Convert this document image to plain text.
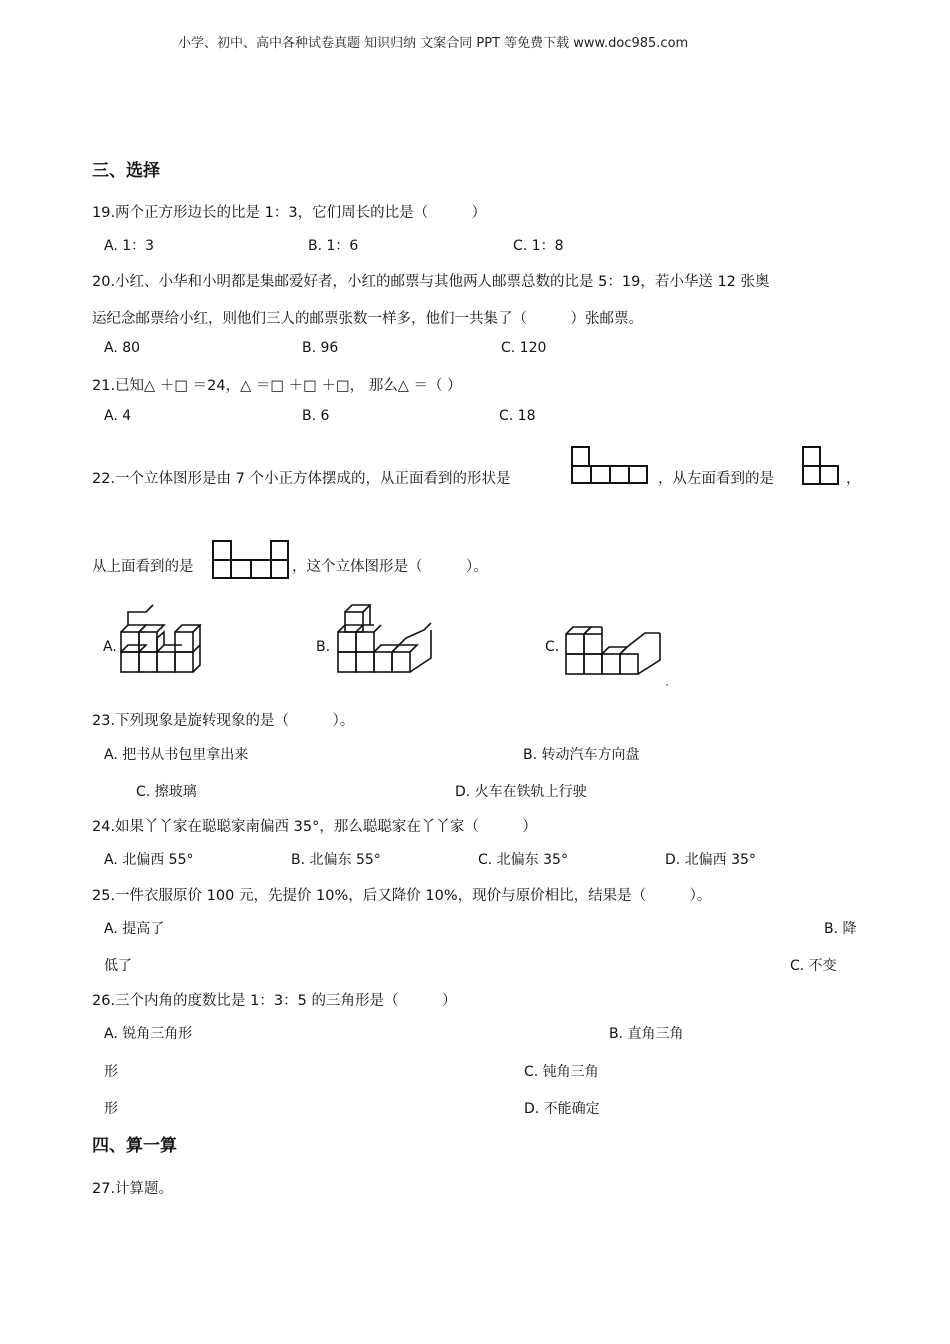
小学、初中、高中各种试卷真题 知识归纳 文案合同 PPT 等免费下载 www.doc985.com
三、选择
19.两个正方形边长的比是 1：3，它们周长的比是（　　　）
A. 1：3	B. 1：6	C. 1：8
20.小红、小华和小明都是集邮爱好者，小红的邮票与其他两人邮票总数的比是 5：19，若小华送 12 张奥
运纪念邮票给小红，则他们三人的邮票张数一样多，他们一共集了（　　　）张邮票。
A. 80	B. 96	C. 120
21.已知△ ＋□ ＝24，△ ＝□ ＋□ ＋□， 那么△ ＝（ ）
A. 4	B. 6	C. 18
22.一个立体图形是由 7 个小正方体摆成的，从正面看到的形状是	，从左面看到的是	，
从上面看到的是	，这个立体图形是（　　　）。
A.	B.	C.
23.下列现象是旋转现象的是（　　　）。
A. 把书从书包里拿出来	B. 转动汽车方向盘
C. 擦玻璃	D. 火车在铁轨上行驶
24.如果丫丫家在聪聪家南偏西 35°，那么聪聪家在丫丫家（　　　）
A. 北偏西 55°	B. 北偏东 55°	C. 北偏东 35°	D. 北偏西 35°
25.一件衣服原价 100 元，先提价 10%，后又降价 10%，现价与原价相比，结果是（　　　）。
A. 提高了	B. 降
低了	C. 不变
26.三个内角的度数比是 1：3：5 的三角形是（　　　）
A. 锐角三角形	B. 直角三角
形	C. 钝角三角
形	D. 不能确定
四、算一算
27.计算题。
